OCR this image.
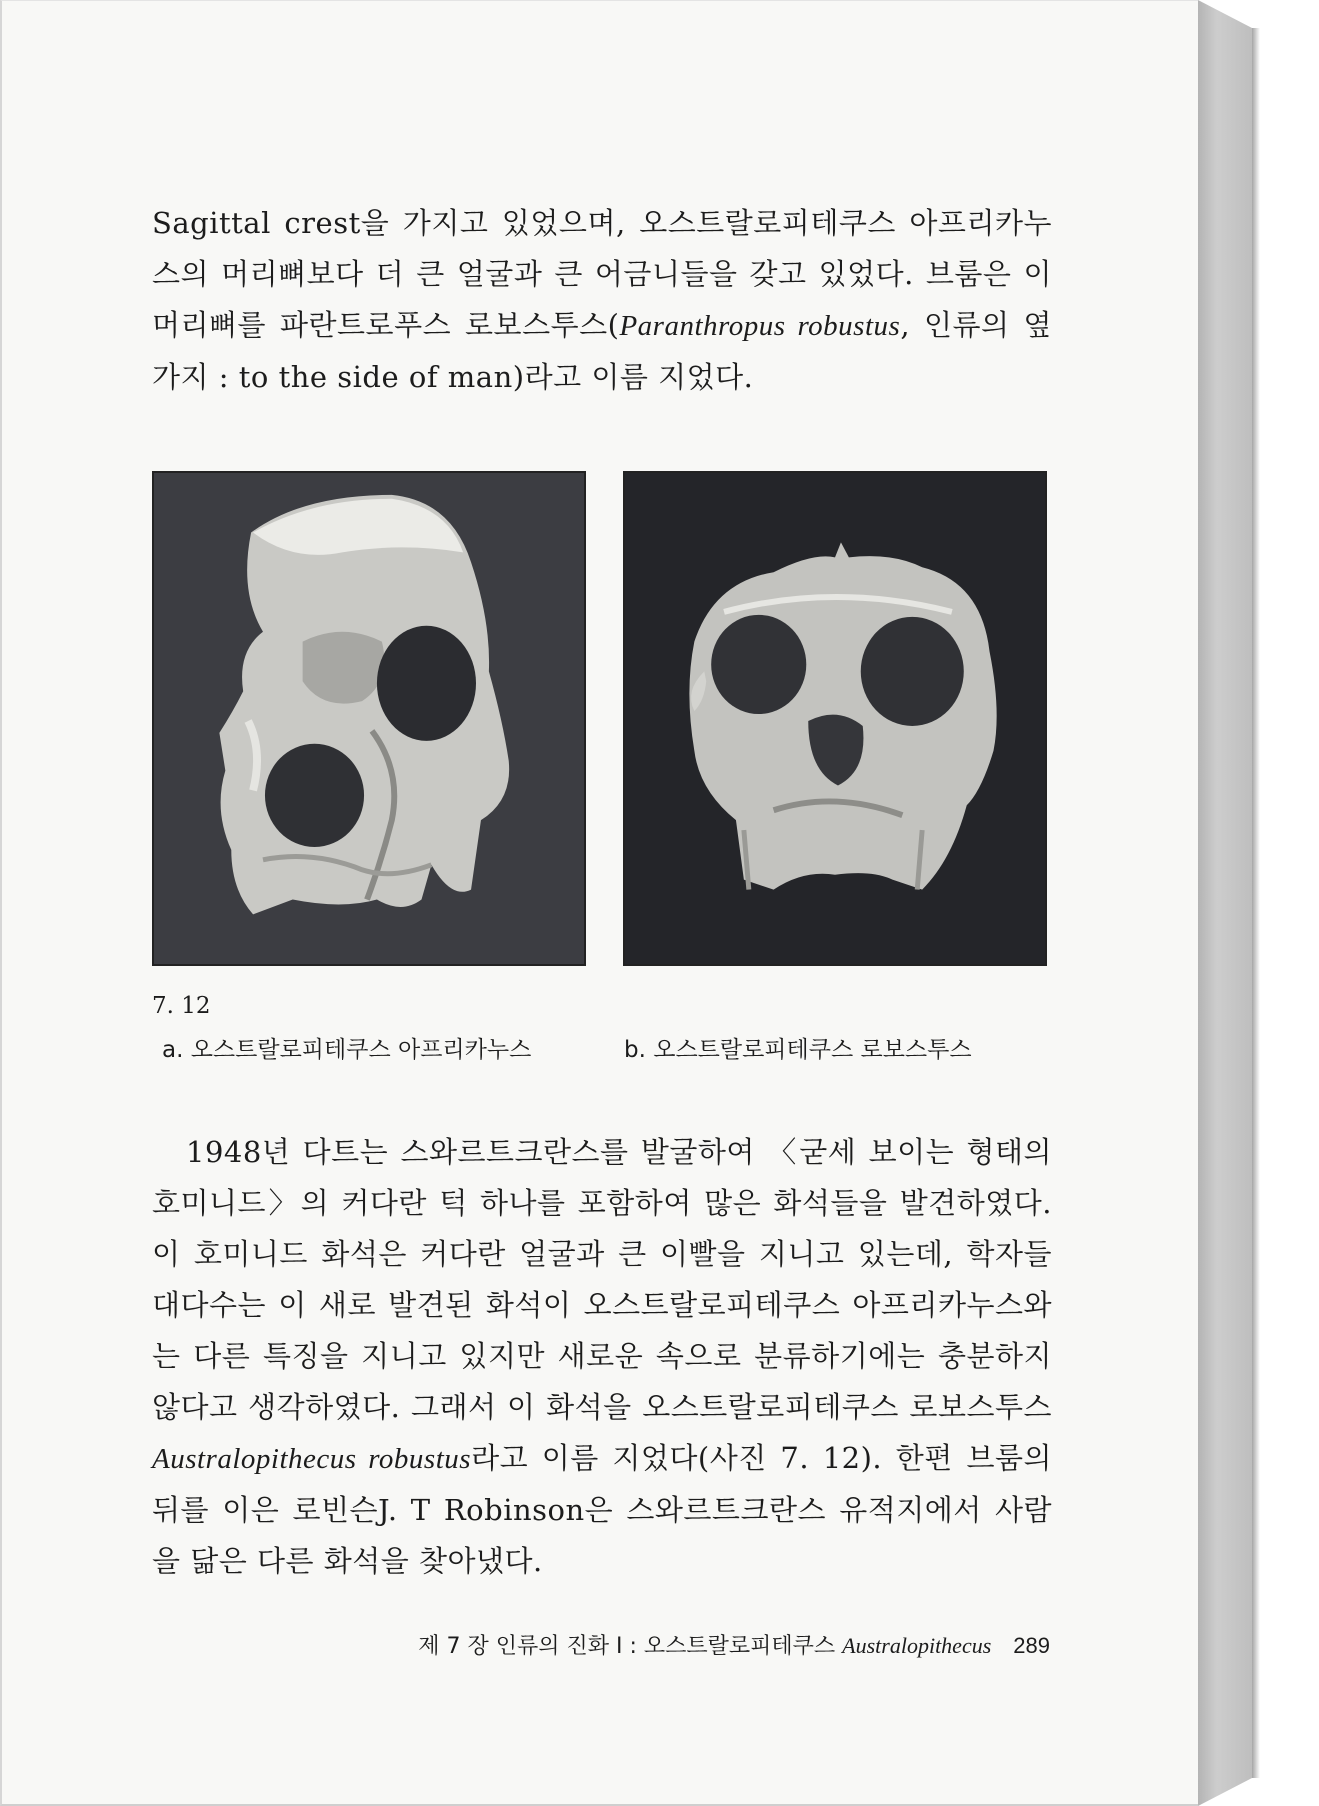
Sagittal crest을 가지고 있었으며, 오스트랄로피테쿠스 아프리카누스의 머리뼈보다 더 큰 얼굴과 큰 어금니들을 갖고 있었다. 브룸은 이 머리뼈를 파란트로푸스 로보스투스(Paranthropus robustus, 인류의 옆가지 : to the side of man)라고 이름 지었다.

7. 12
a. 오스트랄로피테쿠스 아프리카누스	b. 오스트랄로피테쿠스 로보스투스

1948년 다트는 스와르트크란스를 발굴하여 〈굳세 보이는 형태의 호미니드〉의 커다란 턱 하나를 포함하여 많은 화석들을 발견하였다. 이 호미니드 화석은 커다란 얼굴과 큰 이빨을 지니고 있는데, 학자들 대다수는 이 새로 발견된 화석이 오스트랄로피테쿠스 아프리카누스와는 다른 특징을 지니고 있지만 새로운 속으로 분류하기에는 충분하지 않다고 생각하였다. 그래서 이 화석을 오스트랄로피테쿠스 로보스투스 Australopithecus robustus라고 이름 지었다(사진 7. 12). 한편 브룸의 뒤를 이은 로빈슨J. T Robinson은 스와르트크란스 유적지에서 사람을 닮은 다른 화석을 찾아냈다.

제 7 장 인류의 진화 Ⅰ : 오스트랄로피테쿠스 Australopithecus 289
